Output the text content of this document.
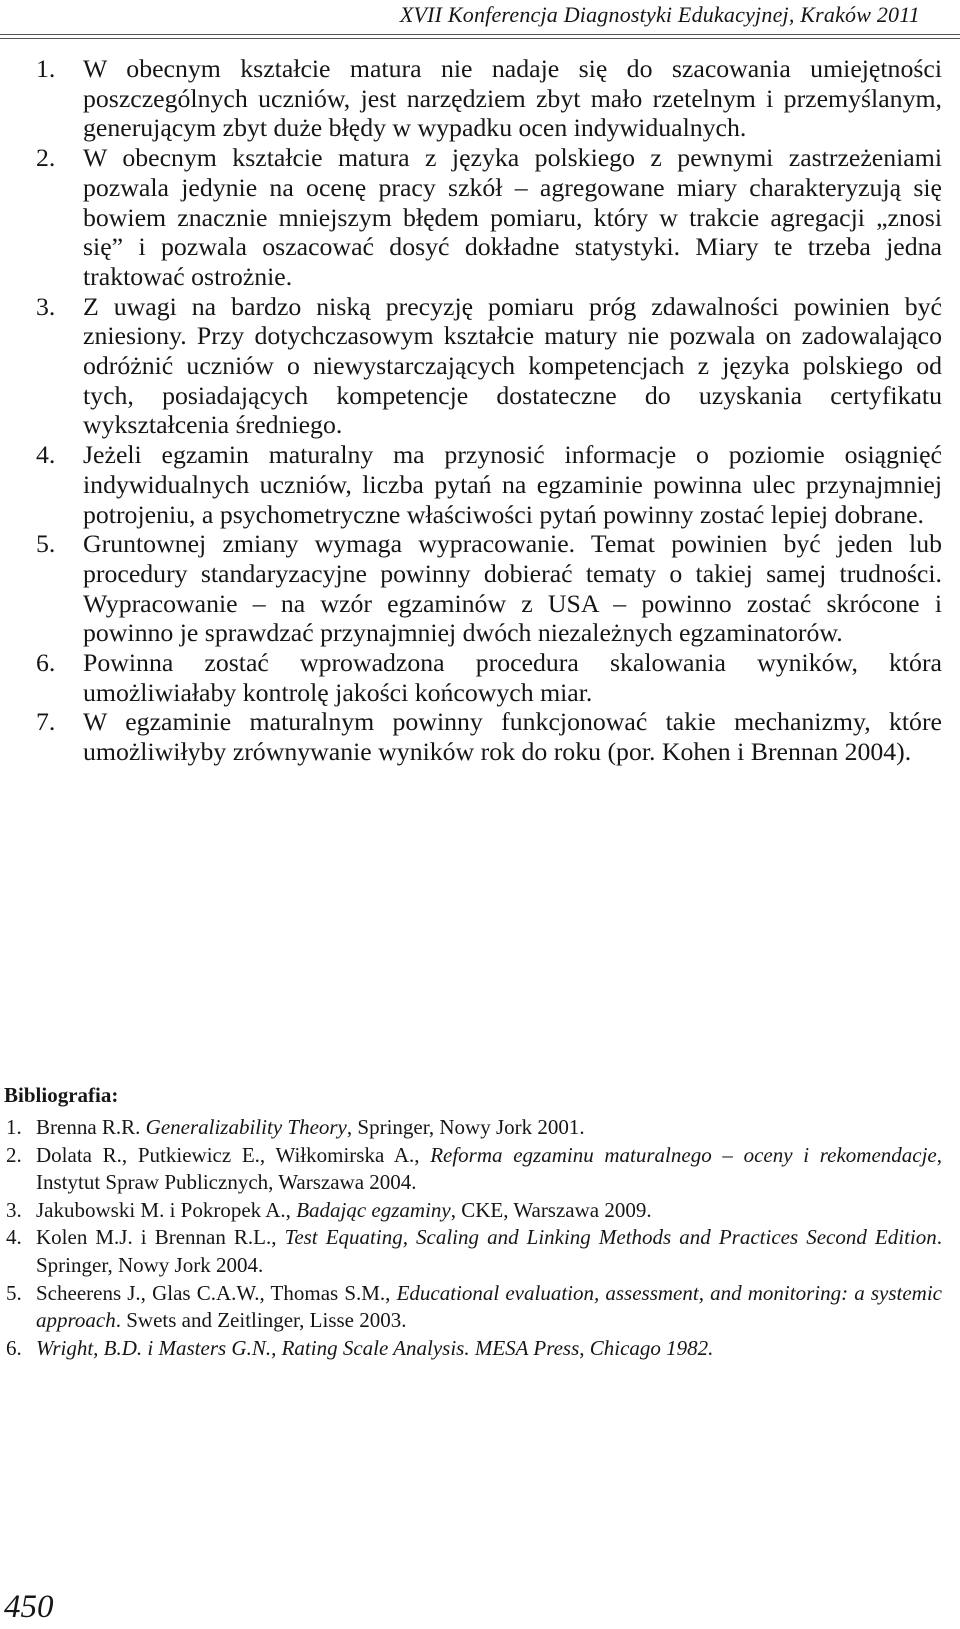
XVII Konferencja Diagnostyki Edukacyjnej, Kraków 2011
1. W obecnym kształcie matura nie nadaje się do szacowania umiejętności poszczególnych uczniów, jest narzędziem zbyt mało rzetelnym i przemyślanym, generującym zbyt duże błędy w wypadku ocen indywidualnych.
2. W obecnym kształcie matura z języka polskiego z pewnymi zastrzeżeniami pozwala jedynie na ocenę pracy szkół – agregowane miary charakteryzują się bowiem znacznie mniejszym błędem pomiaru, który w trakcie agregacji „znosi się” i pozwala oszacować dosyć dokładne statystyki. Miary te trzeba jedna traktować ostrożnie.
3. Z uwagi na bardzo niską precyzję pomiaru próg zdawalności powinien być zniesiony. Przy dotychczasowym kształcie matury nie pozwala on zadowalająco odróżnić uczniów o niewystarczających kompetencjach z języka polskiego od tych, posiadających kompetencje dostateczne do uzyskania certyfikatu wykształcenia średniego.
4. Jeżeli egzamin maturalny ma przynosić informacje o poziomie osiągnięć indywidualnych uczniów, liczba pytań na egzaminie powinna ulec przynajmniej potrojeniu, a psychometryczne właściwości pytań powinny zostać lepiej dobrane.
5. Gruntownej zmiany wymaga wypracowanie. Temat powinien być jeden lub procedury standaryzacyjne powinny dobierać tematy o takiej samej trudności. Wypracowanie – na wzór egzaminów z USA – powinno zostać skrócone i powinno je sprawdzać przynajmniej dwóch niezależnych egzaminatorów.
6. Powinna zostać wprowadzona procedura skalowania wyników, która umożliwiałaby kontrolę jakości końcowych miar.
7. W egzaminie maturalnym powinny funkcjonować takie mechanizmy, które umożliwiłyby zrównywanie wyników rok do roku (por. Kohen i Brennan 2004).
Bibliografia:
1. Brenna R.R. Generalizability Theory, Springer, Nowy Jork 2001.
2. Dolata R., Putkiewicz E., Wiłkomirska A., Reforma egzaminu maturalnego – oceny i rekomendacje, Instytut Spraw Publicznych, Warszawa 2004.
3. Jakubowski M. i Pokropek A., Badając egzaminy, CKE, Warszawa 2009.
4. Kolen M.J. i Brennan R.L., Test Equating, Scaling and Linking Methods and Practices Second Edition. Springer, Nowy Jork 2004.
5. Scheerens J., Glas C.A.W., Thomas S.M., Educational evaluation, assessment, and monitoring: a systemic approach. Swets and Zeitlinger, Lisse 2003.
6. Wright, B.D. i Masters G.N., Rating Scale Analysis. MESA Press, Chicago 1982.
450
